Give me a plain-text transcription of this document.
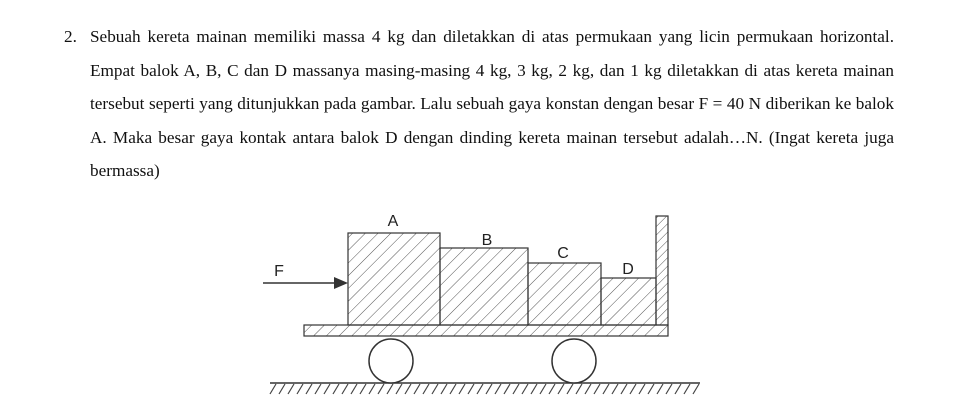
2. Sebuah kereta mainan memiliki massa 4 kg dan diletakkan di atas permukaan yang licin permukaan horizontal. Empat balok A, B, C dan D massanya masing-masing 4 kg, 3 kg, 2 kg, dan 1 kg diletakkan di atas kereta mainan tersebut seperti yang ditunjukkan pada gambar. Lalu sebuah gaya konstan dengan besar F = 40 N diberikan ke balok A. Maka besar gaya kontak antara balok D dengan dinding kereta mainan tersebut adalah…N. (Ingat kereta juga bermassa)
A
B
C
D
F
